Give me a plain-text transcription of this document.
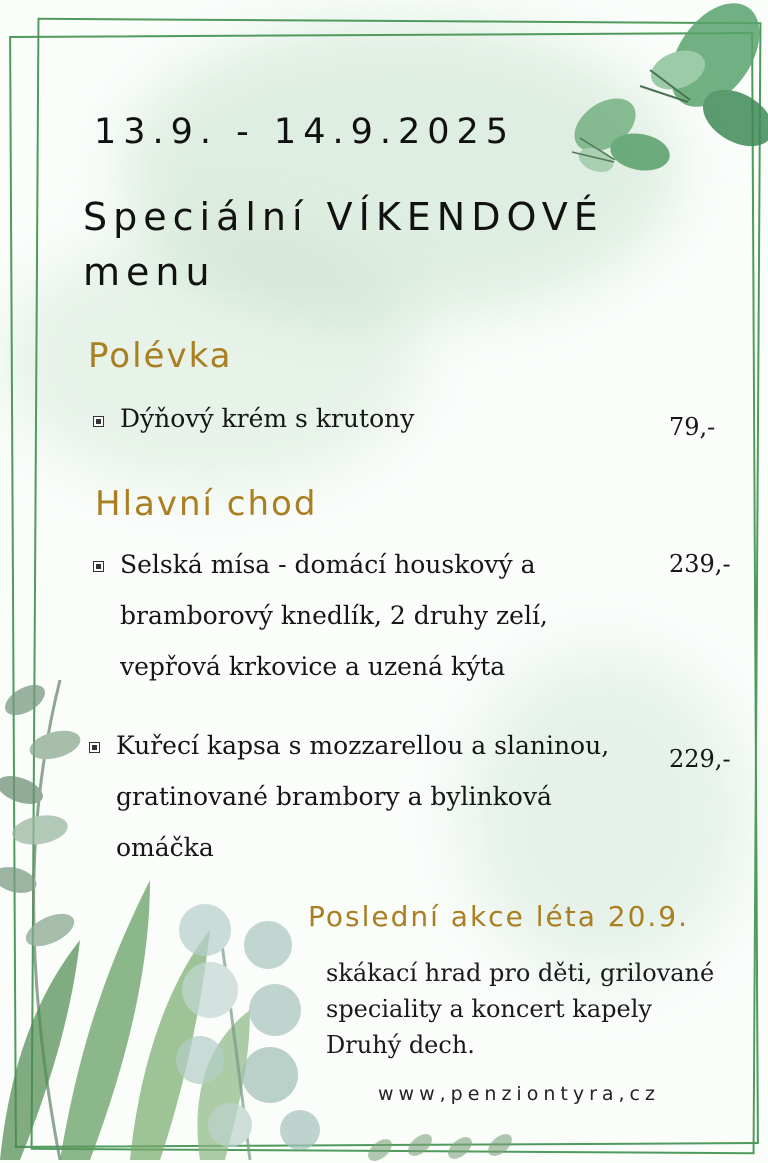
13.9. - 14.9.2025
Speciální VÍKENDOVÉ menu
Polévka
Dýňový krém s krutony	79,-
Hlavní chod
Selská mísa - domácí houskový a
bramborový knedlík, 2 druhy zelí,
vepřová krkovice a uzená kýta
239,-
Kuřecí kapsa s mozzarellou a slaninou,
gratinované brambory a bylinková
omáčka
229,-
Poslední akce léta 20.9.
skákací hrad pro děti, grilované
speciality a koncert kapely
Druhý dech.
www,penziontyra,cz
